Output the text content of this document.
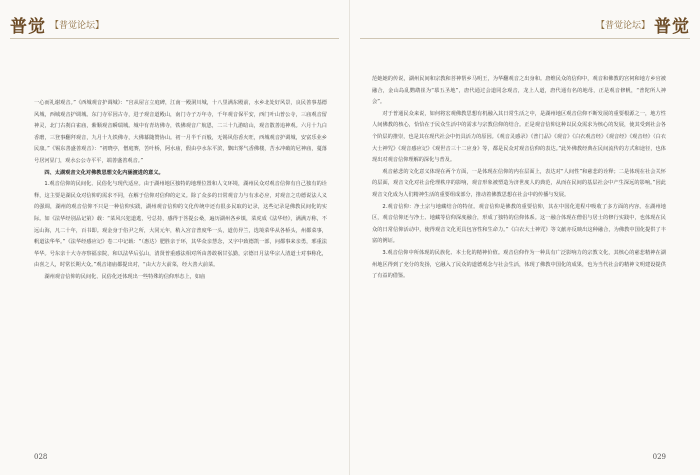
普觉 【普觉论坛】

一心而礼谢观音。”《西城观音护调城》：“宫从屋言立庭碑，江南一殿洞川城，十八里满东殿前，水乡北处好风景，良民善事基德风城，西城观音护调城。东门寺军因古寺，进子观音道殿山，南门寺子万年寺，千年观音保平安，西门叶山普公寺，三庙观音留神灵，北门古刹白雀庙，紫顺观音瞬瑞城。城中有青坊佛寺，铁佛观音广航恩，二三十九游暗山，观音散善追神观。六月十九白香磨，三登事翻拜观音，九月十九铁佛寺，大佛幕随赞协山。初一月半千百般，无锡风俗香火旺，西城观音护调城，安富乐业乡民康。”《锡东善盛善观音》：“初晓亭，僧庭赛，苦叶桥，阿水庙，假由亭水东平滨，飘出雾气香佛楼，苦水冲破的尼神庙，蔓落号居河显门，观水公公寺平平，端善盛善观音。”

四、太湖观音文化对佛教思想文化内涵渡进的意义。

1.观音信仰的民间化、民俗化与现代适应。由于湖州地区独特的地理位置和人文环境，湖州民众对观音信仰有自己独有的诠释，这主要是湖民众对信仰的需求不同，在解于信仰对信仰的定义。除了众多的日常观音力与有求必应，对观音之功德说法人义的强调，湖州的观音信仰不只是一种信仰实践，湖州观音信仰的文化传统中还有很多民取的记录，这些记录是佛教民间化的实际。如《法华经别品记第》载：“菜风兴犯道逃，号总持，感得于菩提公桑，遍历湖州各乡镇，菜虎成《法华经》，满满万称，不远山海，凡二十年，百书即。观金身于俗尹之所，大同元年，稍入宫音普度华一头，道仿异兰，选境菜华从各桥头，州都菜事，帆道法华华。”《法华经感应记》卷二中记载：“（惠达）肥胜亲于环，其华众亲慧念，又字中致德凯一部，问都事来亲勇，邪重法华华。号东亲十大寺亦察福亲院，和以法华后弘山，清贤普重感法相对所由善敢祸甘弘勤，宗德日月法华宗人清道士对事称化，由喜之人，时常长期大众。”观音诸庙都提出对，“由大方大前菜，经大善大前菜。

湖州观音信仰的民间化、民俗化还体现出一些特殊的信仰形态上，如庙

028
【普觉论坛】 普觉

范她她的传说，湖州民间和宗教和菩神帮乡马明王，为华翻观音之出身和。唐维民众的信仰中，观音和佛教的宫祠和地方乡官被融合，金山岛乱鹦鹉崔为“慕五圣地”，唐代通过会道同念观音，龙上人道，唐代通有名的地母，正是观音修帆，“普陀所人神会”。

对于普通民众来说，如何将宏观佛教思想有机融入其日常生活之中，是湖州地区观音信仰不断发展的重要根源之一，地方性人间佛教的核心，恰恰在于民众生活中的需求与宗教信仰的结合。正是观音信仰这种以民众需求为核心的发展，使其受到社会各个阶层的推崇，也是其在现代社会中仍具活力的原因。《观音灵感录》《普门品》《观音》《白衣观音经》《观音经》《观音经》（白衣大士神咒》《观音感应记》《观世音三十二应身》等，都是民众对观音信仰的表达。”此外佛教经典在民间流传的方式和途径，也体现出对观音信仰理解的深化与普及。

观音慈悲的文化意义体现在两个方面，一是体现在信仰的内在层面上，表达对“人间性”和慈悲的诠释；二是体现在社会关怀的层面，观音文化对社会伦理秩序的影响，观音形象被塑造为济世度人的典范，从而在民间的基层社会中产生深远的影响。”因此观音文化成为人们精神生活的重要组成部分，推动着佛教思想在社会中的传播与发展。

2.观音信仰：净土宗与地藏结合的特征。观音信仰是佛教的重要信仰，其在中国化进程中吸收了多方面的内容。在湖州地区，观音信仰还与净土、地藏等信仰深度融合，形成了独特的信仰体系。这一融合体现在僧侣与居士的修行实践中，也体现在民众的日常信仰活动中，使得观音文化更具包容性和生命力。”《白衣大士神咒》等文献亦反映出这种融合，为佛教中国化提供了丰富的例证。

3.观音信仰中所体现的民族化、本土化的精神价值。观音信仰作为一种具有广泛影响力的宗教文化，其核心的慈悲精神在湖州地区得到了充分的发扬，它融入了民众的道德观念与社会生活，体现了佛教中国化的成果，也为当代社会的精神文明建设提供了有益的借鉴。

029
